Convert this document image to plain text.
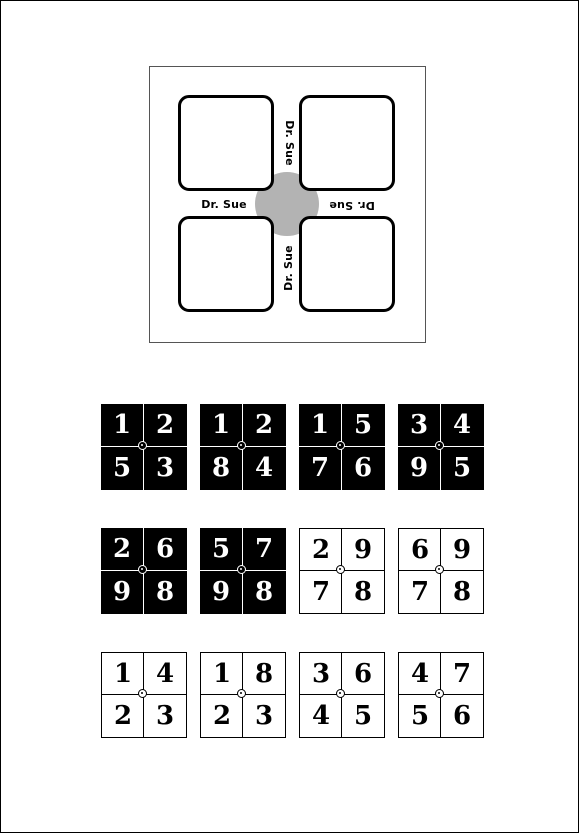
Dr. Sue	Dr. Sue
Dr. Sue
Dr. Sue
1 2
5 3
1 2
8 4
1 5
7 6
3 4
9 5
2 6
9 8
5 7
9 8
2 9
7 8
6 9
7 8
1 4
2 3
1 8
2 3
3 6
4 5
4 7
5 6
